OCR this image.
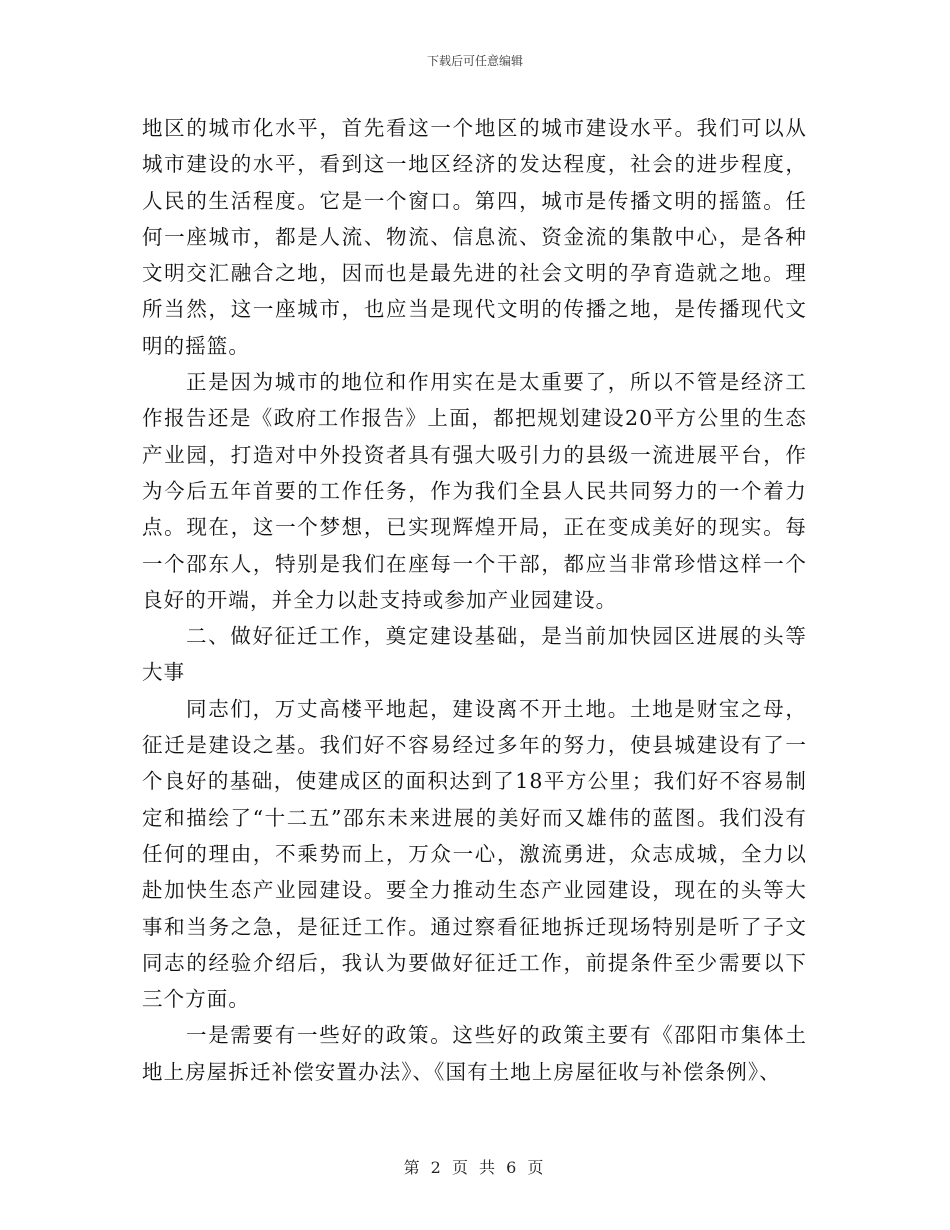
下载后可任意编辑

地区的城市化水平，首先看这一个地区的城市建设水平。我们可以从城市建设的水平，看到这一地区经济的发达程度，社会的进步程度，人民的生活程度。它是一个窗口。第四，城市是传播文明的摇篮。任何一座城市，都是人流、物流、信息流、资金流的集散中心，是各种文明交汇融合之地，因而也是最先进的社会文明的孕育造就之地。理所当然，这一座城市，也应当是现代文明的传播之地，是传播现代文明的摇篮。

正是因为城市的地位和作用实在是太重要了，所以不管是经济工作报告还是《政府工作报告》上面，都把规划建设20平方公里的生态产业园，打造对中外投资者具有强大吸引力的县级一流进展平台，作为今后五年首要的工作任务，作为我们全县人民共同努力的一个着力点。现在，这一个梦想，已实现辉煌开局，正在变成美好的现实。每一个邵东人，特别是我们在座每一个干部，都应当非常珍惜这样一个良好的开端，并全力以赴支持或参加产业园建设。

二、做好征迁工作，奠定建设基础，是当前加快园区进展的头等大事

同志们，万丈高楼平地起，建设离不开土地。土地是财宝之母，征迁是建设之基。我们好不容易经过多年的努力，使县城建设有了一个良好的基础，使建成区的面积达到了18平方公里；我们好不容易制定和描绘了“十二五”邵东未来进展的美好而又雄伟的蓝图。我们没有任何的理由，不乘势而上，万众一心，激流勇进，众志成城，全力以赴加快生态产业园建设。要全力推动生态产业园建设，现在的头等大事和当务之急，是征迁工作。通过察看征地拆迁现场特别是听了子文同志的经验介绍后，我认为要做好征迁工作，前提条件至少需要以下三个方面。

一是需要有一些好的政策。这些好的政策主要有《邵阳市集体土地上房屋拆迁补偿安置办法》、《国有土地上房屋征收与补偿条例》、

第 2 页 共 6 页
